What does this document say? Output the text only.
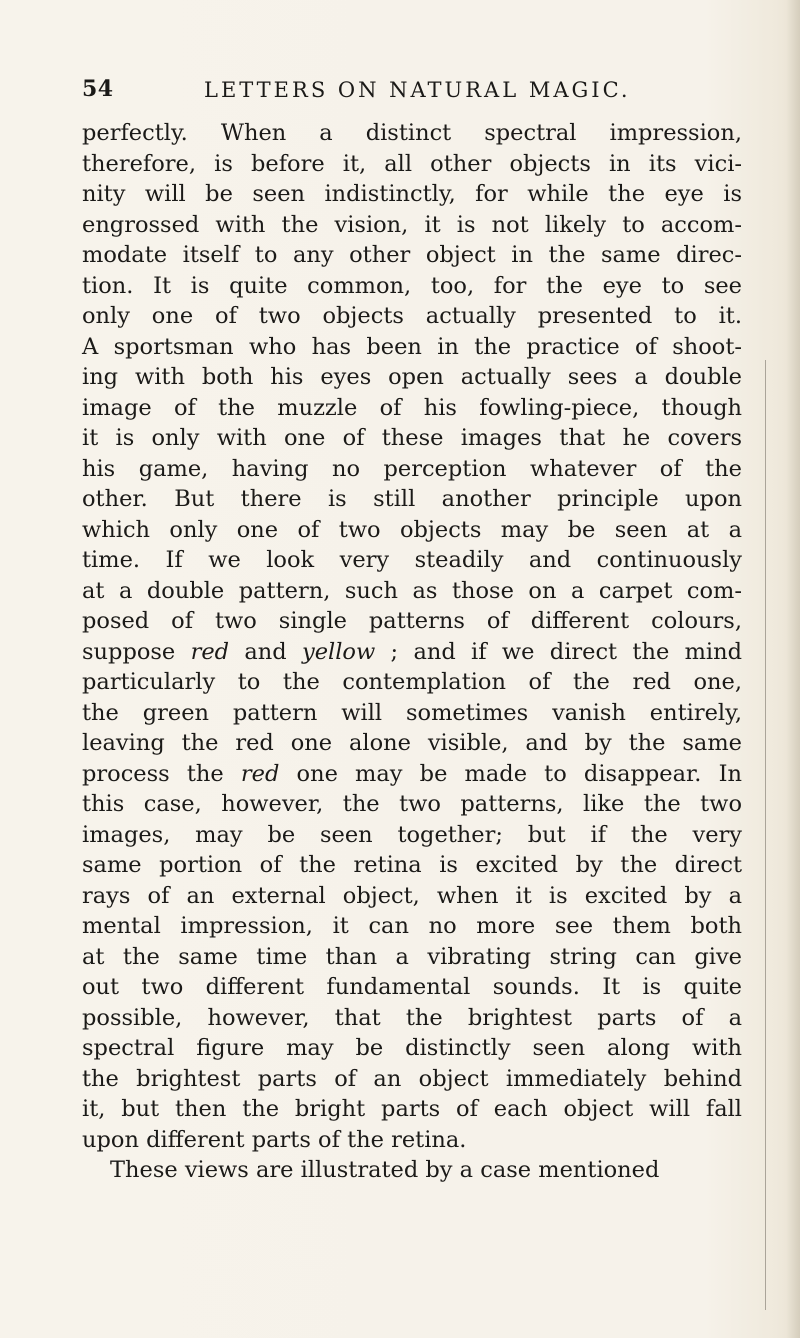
54	LETTERS ON NATURAL MAGIC.
perfectly. When a distinct spectral impression,
therefore, is before it, all other objects in its vici-
nity will be seen indistinctly, for while the eye is
engrossed with the vision, it is not likely to accom-
modate itself to any other object in the same direc-
tion. It is quite common, too, for the eye to see
only one of two objects actually presented to it.
A sportsman who has been in the practice of shoot-
ing with both his eyes open actually sees a double
image of the muzzle of his fowling-piece, though
it is only with one of these images that he covers
his game, having no perception whatever of the
other. But there is still another principle upon
which only one of two objects may be seen at a
time. If we look very steadily and continuously
at a double pattern, such as those on a carpet com-
posed of two single patterns of different colours,
suppose red and yellow ; and if we direct the mind
particularly to the contemplation of the red one,
the green pattern will sometimes vanish entirely,
leaving the red one alone visible, and by the same
process the red one may be made to disappear. In
this case, however, the two patterns, like the two
images, may be seen together; but if the very
same portion of the retina is excited by the direct
rays of an external object, when it is excited by a
mental impression, it can no more see them both
at the same time than a vibrating string can give
out two different fundamental sounds. It is quite
possible, however, that the brightest parts of a
spectral figure may be distinctly seen along with
the brightest parts of an object immediately behind
it, but then the bright parts of each object will fall
upon different parts of the retina.
These views are illustrated by a case mentioned
